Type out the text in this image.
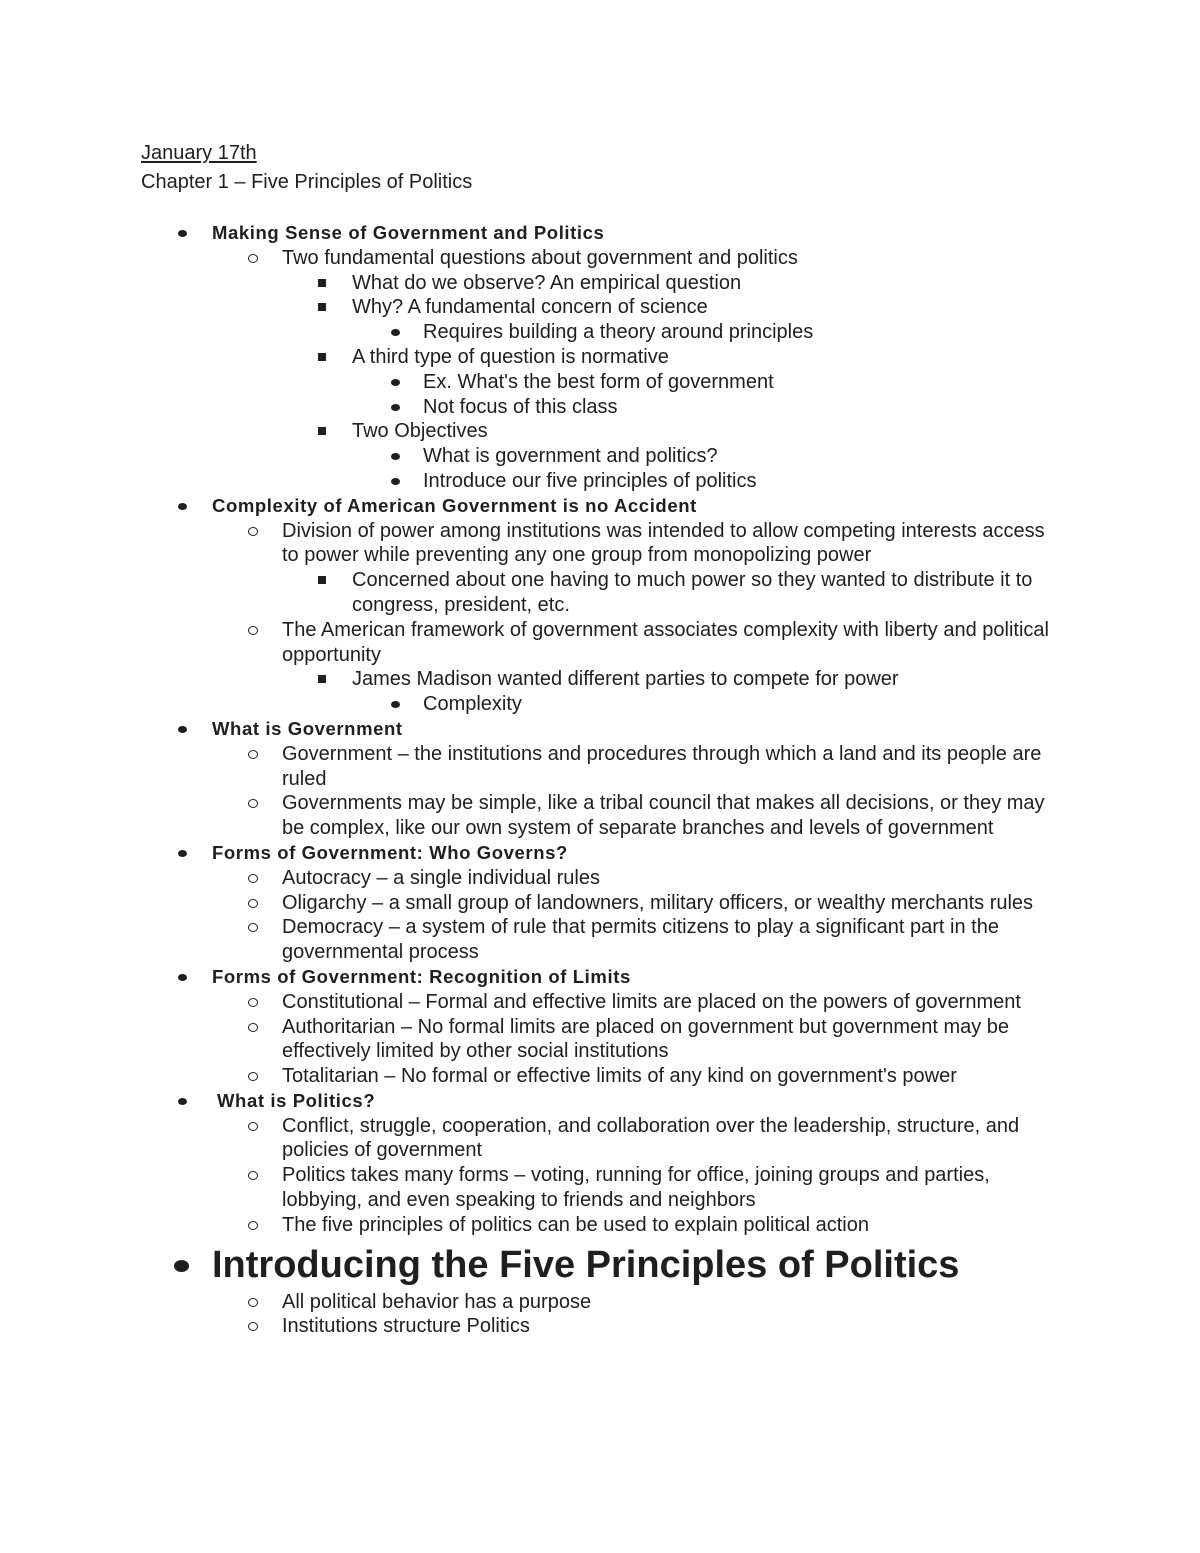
January 17th
Chapter 1 – Five Principles of Politics
Making Sense of Government and Politics
Two fundamental questions about government and politics
What do we observe? An empirical question
Why? A fundamental concern of science
Requires building a theory around principles
A third type of question is normative
Ex. What's the best form of government
Not focus of this class
Two Objectives
What is government and politics?
Introduce our five principles of politics
Complexity of American Government is no Accident
Division of power among institutions was intended to allow competing interests access to power while preventing any one group from monopolizing power
Concerned about one having to much power so they wanted to distribute it to congress, president, etc.
The American framework of government associates complexity with liberty and political opportunity
James Madison wanted different parties to compete for power
Complexity
What is Government
Government – the institutions and procedures through which a land and its people are ruled
Governments may be simple, like a tribal council that makes all decisions, or they may be complex, like our own system of separate branches and levels of government
Forms of Government: Who Governs?
Autocracy – a single individual rules
Oligarchy – a small group of landowners, military officers, or wealthy merchants rules
Democracy – a system of rule that permits citizens to play a significant part in the governmental process
Forms of Government: Recognition of Limits
Constitutional – Formal and effective limits are placed on the powers of government
Authoritarian – No formal limits are placed on government but government may be effectively limited by other social institutions
Totalitarian – No formal or effective limits of any kind on government's power
What is Politics?
Conflict, struggle, cooperation, and collaboration over the leadership, structure, and policies of government
Politics takes many forms – voting, running for office, joining groups and parties, lobbying, and even speaking to friends and neighbors
The five principles of politics can be used to explain political action
Introducing the Five Principles of Politics
All political behavior has a purpose
Institutions structure Politics
